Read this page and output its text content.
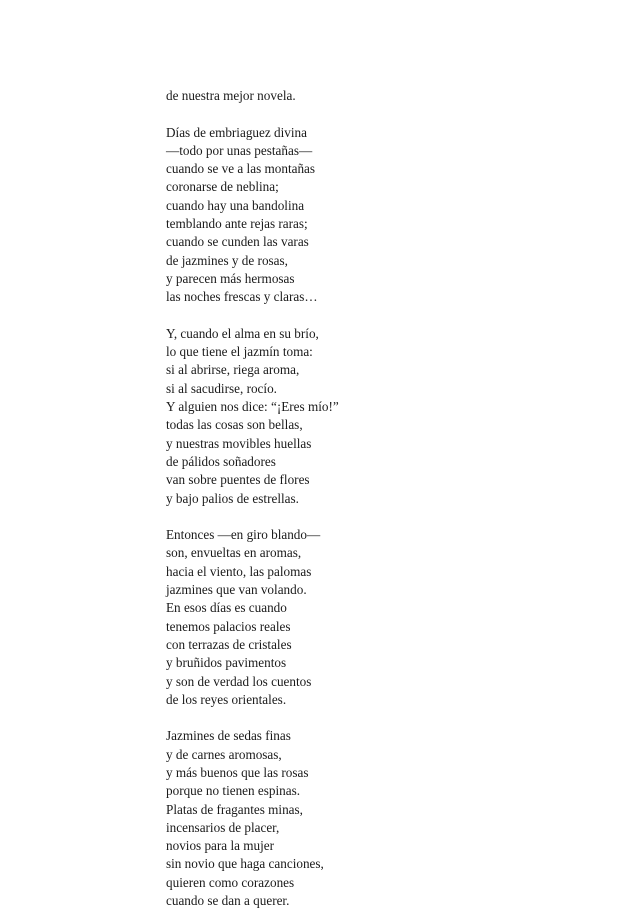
de nuestra mejor novela.
Días de embriaguez divina
—todo por unas pestañas—
cuando se ve a las montañas
coronarse de neblina;
cuando hay una bandolina
temblando ante rejas raras;
cuando se cunden las varas
de jazmines y de rosas,
y parecen más hermosas
las noches frescas y claras…
Y, cuando el alma en su brío,
lo que tiene el jazmín toma:
si al abrirse, riega aroma,
si al sacudirse, rocío.
Y alguien nos dice: “¡Eres mío!”
todas las cosas son bellas,
y nuestras movibles huellas
de pálidos soñadores
van sobre puentes de flores
y bajo palios de estrellas.
Entonces —en giro blando—
son, envueltas en aromas,
hacia el viento, las palomas
jazmines que van volando.
En esos días es cuando
tenemos palacios reales
con terrazas de cristales
y bruñidos pavimentos
y son de verdad los cuentos
de los reyes orientales.
Jazmines de sedas finas
y de carnes aromosas,
y más buenos que las rosas
porque no tienen espinas.
Platas de fragantes minas,
incensarios de placer,
novios para la mujer
sin novio que haga canciones,
quieren como corazones
cuando se dan a querer.
